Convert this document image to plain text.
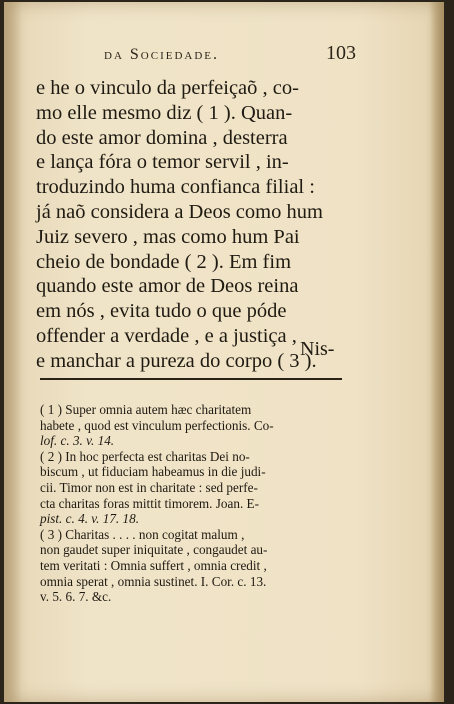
da Sociedade.	103
e he o vinculo da perfeiçaõ , co-
mo elle mesmo diz ( 1 ). Quan-
do este amor domina , desterra
e lança fóra o temor servil , in-
troduzindo huma confianca filial :
já naõ considera a Deos como hum
Juiz severo , mas como hum Pai
cheio de bondade ( 2 ). Em fim
quando este amor de Deos reina
em nós , evita tudo o que póde
offender a verdade , e a justiça ,
e manchar a pureza do corpo ( 3 ).
Nis-
( 1 ) Super omnia autem hæc charitatem
habete , quod est vinculum perfectionis. Co-
lof. c. 3. v. 14.
( 2 ) In hoc perfecta est charitas Dei no-
biscum , ut fiduciam habeamus in die judi-
cii. Timor non est in charitate : sed perfe-
cta charitas foras mittit timorem. Joan. E-
pist. c. 4. v. 17. 18.
( 3 ) Charitas . . . . non cogitat malum ,
non gaudet super iniquitate , congaudet au-
tem veritati : Omnia suffert , omnia credit ,
omnia sperat , omnia sustinet. I. Cor. c. 13.
v. 5. 6. 7. &c.
